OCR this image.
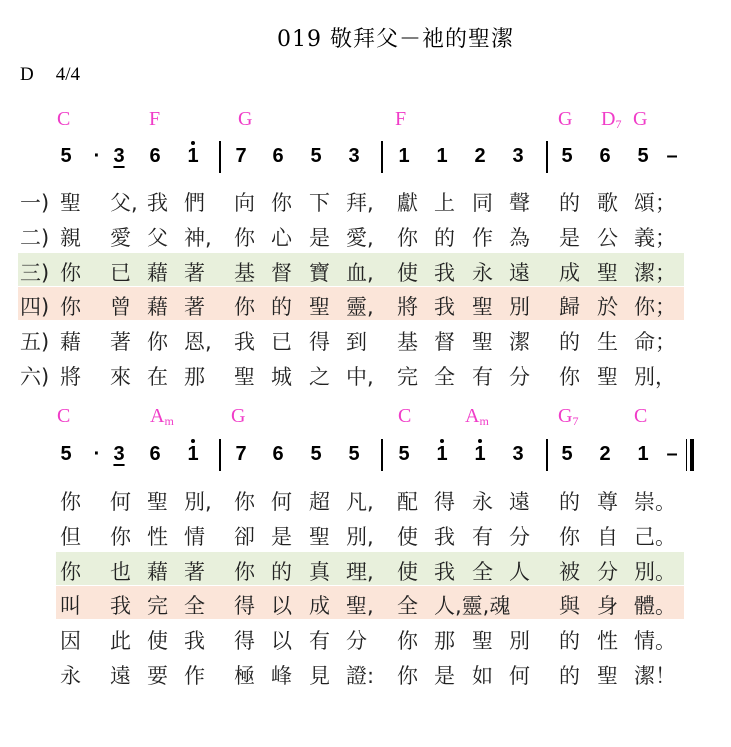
019 敬拜父－祂的聖潔
D 4/4
C	F	G	F	G $D_7$ G
5	· 3 6 1 7 6 5 3 1 1 2 3 5 6 5 –
一) 聖 父, 我 們 向 你 下 拜, 獻 上 同 聲 的 歌 頌；
二) 親 愛 父 神, 你 心 是 愛, 你 的 作 為 是 公 義；
三) 你 已 藉 著 基 督 寶 血, 使 我 永 遠 成 聖 潔；
四) 你 曾 藉 著 你 的 聖 靈, 將 我 聖 別 歸 於 你；
五) 藉 著 你 恩, 我 已 得 到 基 督 聖 潔 的 生 命；
六) 將 來 在 那 聖 城 之 中, 完 全 有 分 你 聖 別，
C	$A_m$	G	C	$A_m$	$G_7$	C
5	· 3 6 1 7 6 5 5 5 1 1 3 5 2 1 –
你 何 聖 別, 你 何 超 凡, 配 得 永 遠 的 尊 崇。
但 你 性 情 卻 是 聖 別, 使 我 有 分 你 自 己。
你 也 藉 著 你 的 真 理, 使 我 全 人 被 分 別。
叫 我 完 全 得 以 成 聖, 全 人,靈,魂 與 身 體。
因 此 使 我 得 以 有 分 你 那 聖 別 的 性 情。
永 遠 要 作 極 峰 見 證: 你 是 如 何 的 聖 潔！
